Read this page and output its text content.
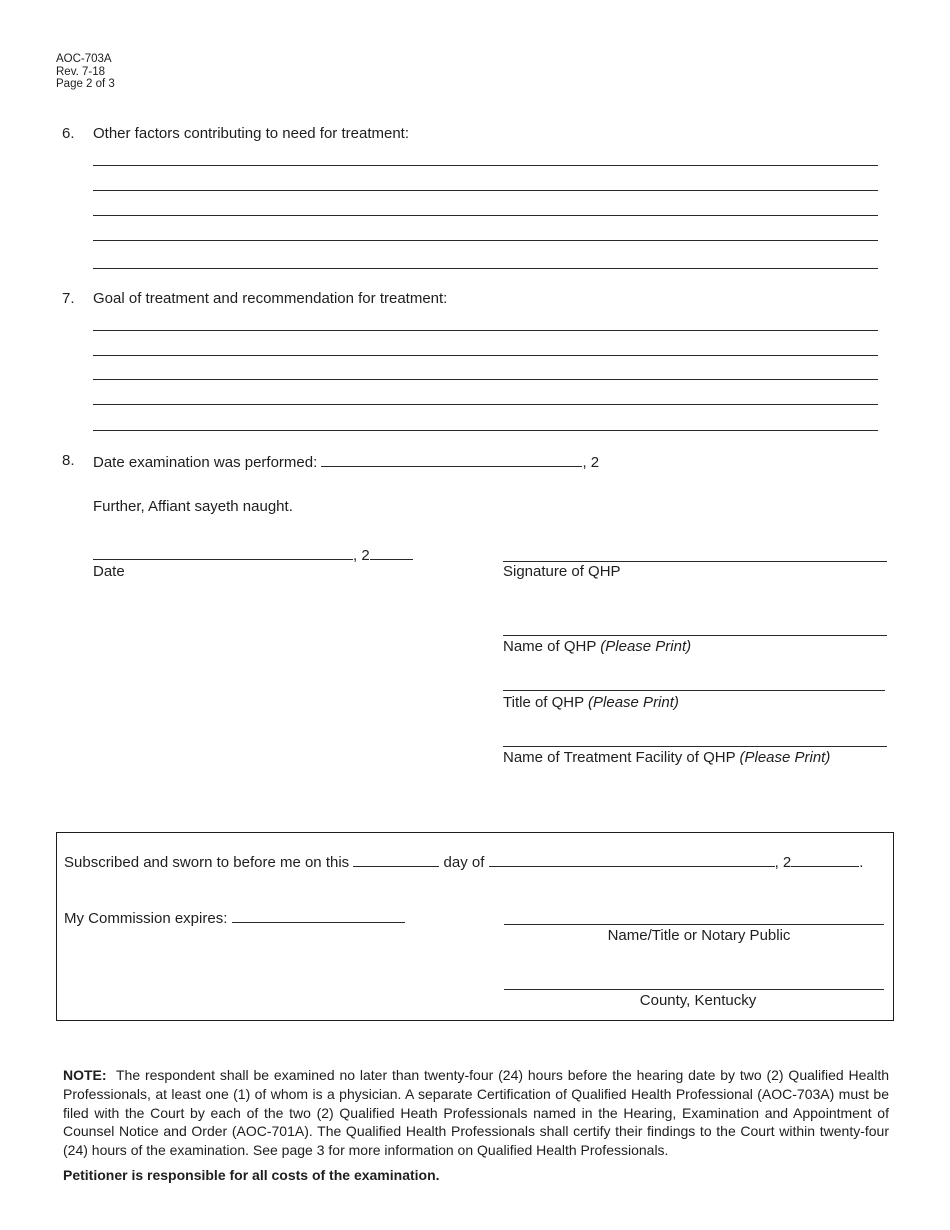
AOC-703A
Rev. 7-18
Page 2 of 3
6. Other factors contributing to need for treatment:
7. Goal of treatment and recommendation for treatment:
8. Date examination was performed:	, 2
Further, Affiant sayeth naught.
, 2
Date	Signature of QHP
Name of QHP (Please Print)
Title of QHP (Please Print)
Name of Treatment Facility of QHP (Please Print)
Subscribed and sworn to before me on this	day of	, 2	.
My Commission expires:
Name/Title or Notary Public
County, Kentucky
NOTE: The respondent shall be examined no later than twenty-four (24) hours before the hearing date by two (2) Qualified Health Professionals, at least one (1) of whom is a physician. A separate Certification of Qualified Health Professional (AOC-703A) must be filed with the Court by each of the two (2) Qualified Heath Professionals named in the Hearing, Examination and Appointment of Counsel Notice and Order (AOC-701A). The Qualified Health Professionals shall certify their findings to the Court within twenty-four (24) hours of the examination. See page 3 for more information on Qualified Health Professionals.
Petitioner is responsible for all costs of the examination.
